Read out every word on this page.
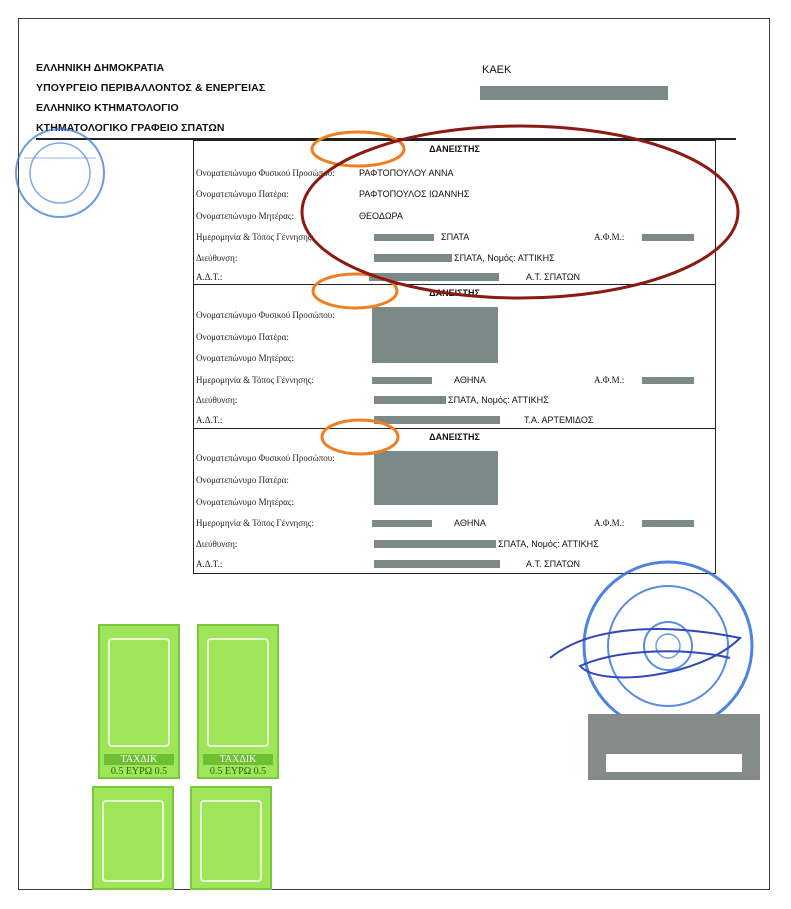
ΕΛΛΗΝΙΚΗ ΔΗΜΟΚΡΑΤΙΑ
ΥΠΟΥΡΓΕΙΟ ΠΕΡΙΒΑΛΛΟΝΤΟΣ & ΕΝΕΡΓΕΙΑΣ
ΕΛΛΗΝΙΚΟ ΚΤΗΜΑΤΟΛΟΓΙΟ
ΚΤΗΜΑΤΟΛΟΓΙΚΟ ΓΡΑΦΕΙΟ ΣΠΑΤΩΝ
ΚΑΕΚ
ΔΑΝΕΙΣΤΗΣ
Ονοματεπώνυμο Φυσικού Προσώπου:	ΡΑΦΤΟΠΟΥΛΟΥ ΑΝΝΑ
Ονοματεπώνυμο Πατέρα:	ΡΑΦΤΟΠΟΥΛΟΣ ΙΩΑΝΝΗΣ
Ονοματεπώνυμο Μητέρας:	ΘΕΟΔΩΡΑ
Ημερομηνία & Τόπος Γέννησης:	ΣΠΑΤΑ	Α.Φ.Μ.:
Διεύθυνση:	ΣΠΑΤΑ, Νομός: ΑΤΤΙΚΗΣ
Α.Δ.Τ.:	Α.Τ. ΣΠΑΤΩΝ
ΔΑΝΕΙΣΤΗΣ
Ονοματεπώνυμο Φυσικού Προσώπου:
Ονοματεπώνυμο Πατέρα:
Ονοματεπώνυμο Μητέρας:
Ημερομηνία & Τόπος Γέννησης:	ΑΘΗΝΑ	Α.Φ.Μ.:
Διεύθυνση:	ΣΠΑΤΑ, Νομός: ΑΤΤΙΚΗΣ
Α.Δ.Τ.:	Τ.Α. ΑΡΤΕΜΙΔΟΣ
ΔΑΝΕΙΣΤΗΣ
Ονοματεπώνυμο Φυσικού Προσώπου:
Ονοματεπώνυμο Πατέρα:
Ονοματεπώνυμο Μητέρας:
Ημερομηνία & Τόπος Γέννησης:	ΑΘΗΝΑ	Α.Φ.Μ.:
Διεύθυνση:	ΣΠΑΤΑ, Νομός: ΑΤΤΙΚΗΣ
Α.Δ.Τ.:	Α.Τ. ΣΠΑΤΩΝ
ΤΑΧΔΙΚ
0.5 ΕΥΡΩ 0.5
ΤΑΧΔΙΚ
0.5 ΕΥΡΩ 0.5
